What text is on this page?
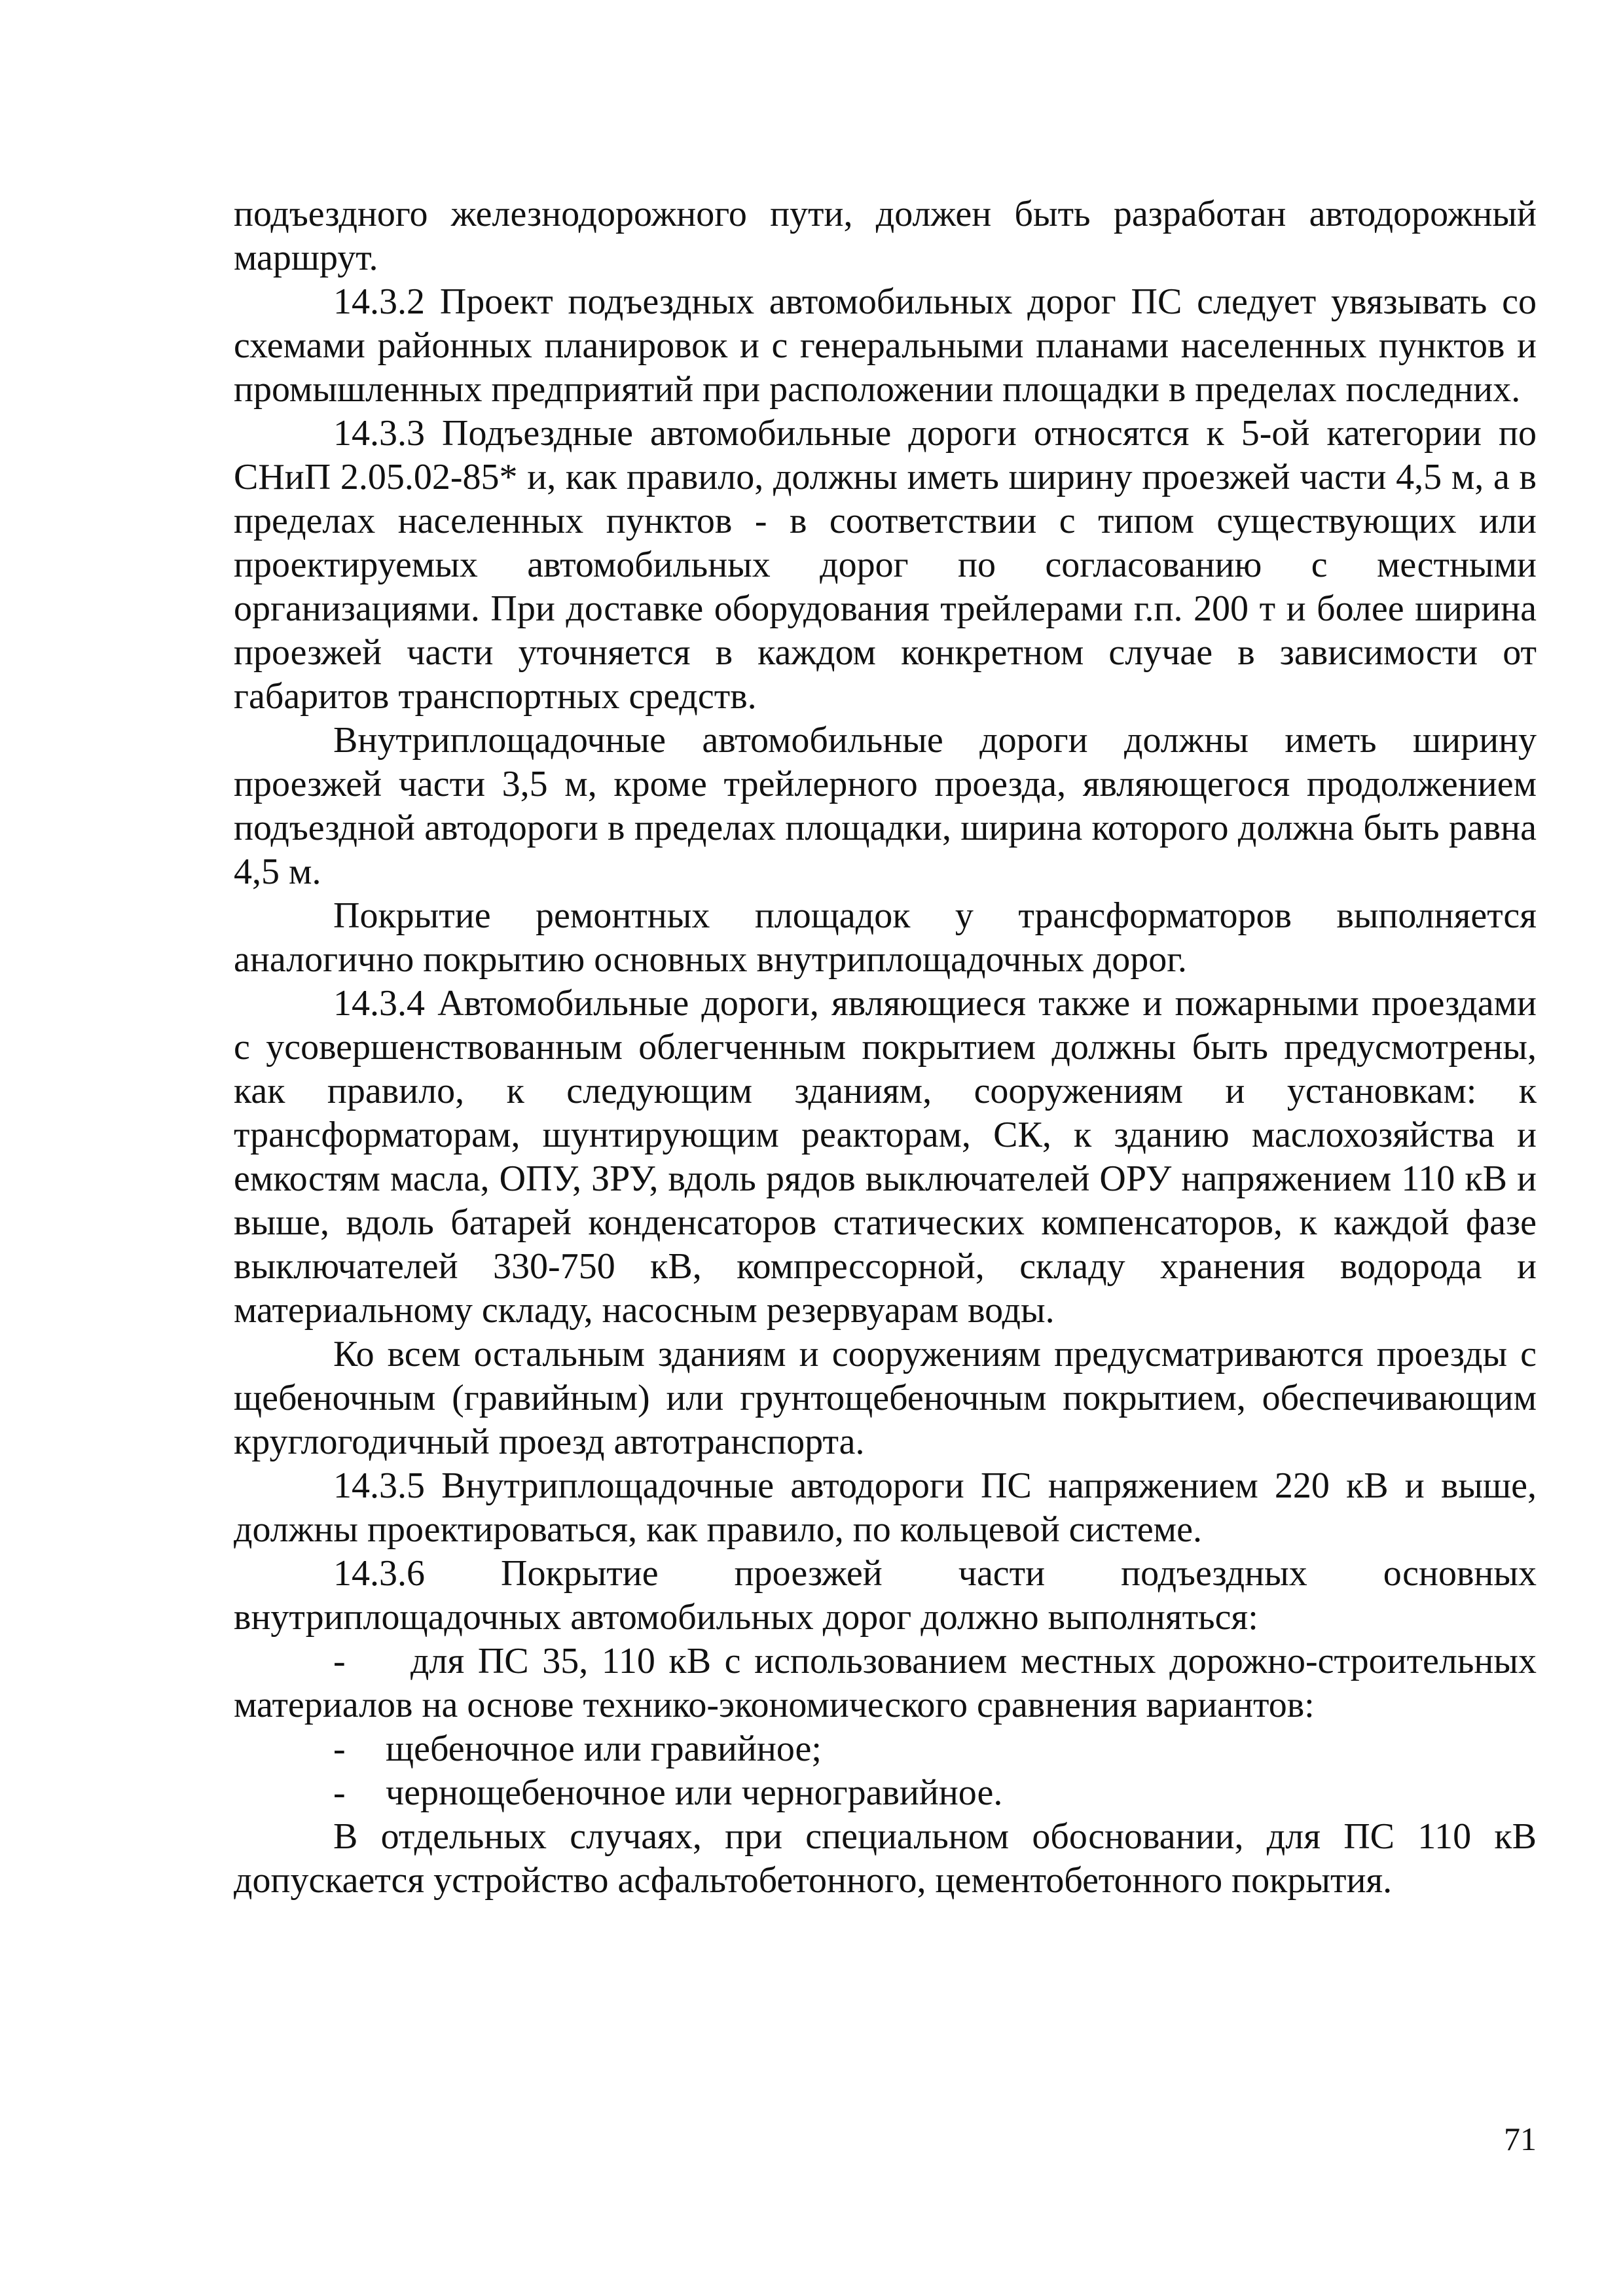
подъездного железнодорожного пути, должен быть разработан автодорожный маршрут.

14.3.2 Проект подъездных автомобильных дорог ПС следует увязывать со схемами районных планировок и с генеральными планами населенных пунктов и промышленных предприятий при расположении площадки в пределах последних.

14.3.3 Подъездные автомобильные дороги относятся к 5-ой категории по СНиП 2.05.02-85* и, как правило, должны иметь ширину проезжей части 4,5 м, а в пределах населенных пунктов - в соответствии с типом существующих или проектируемых автомобильных дорог по согласованию с местными организациями. При доставке оборудования трейлерами г.п. 200 т и более ширина проезжей части уточняется в каждом конкретном случае в зависимости от габаритов транспортных средств.

Внутриплощадочные автомобильные дороги должны иметь ширину проезжей части 3,5 м, кроме трейлерного проезда, являющегося продолжением подъездной автодороги в пределах площадки, ширина которого должна быть равна 4,5 м.

Покрытие ремонтных площадок у трансформаторов выполняется аналогично покрытию основных внутриплощадочных дорог.

14.3.4 Автомобильные дороги, являющиеся также и пожарными проездами с усовершенствованным облегченным покрытием должны быть предусмотрены, как правило, к следующим зданиям, сооружениям и установкам: к трансформаторам, шунтирующим реакторам, СК, к зданию маслохозяйства и емкостям масла, ОПУ, ЗРУ, вдоль рядов выключателей ОРУ напряжением 110 кВ и выше, вдоль батарей конденсаторов статических компенсаторов, к каждой фазе выключателей 330-750 кВ, компрессорной, складу хранения водорода и материальному складу, насосным резервуарам воды.

Ко всем остальным зданиям и сооружениям предусматриваются проезды с щебеночным (гравийным) или грунтощебеночным покрытием, обеспечивающим круглогодичный проезд автотранспорта.

14.3.5 Внутриплощадочные автодороги ПС напряжением 220 кВ и выше, должны проектироваться, как правило, по кольцевой системе.

14.3.6 Покрытие проезжей части подъездных основных внутриплощадочных автомобильных дорог должно выполняться:

- для ПС 35, 110 кВ с использованием местных дорожно-строительных материалов на основе технико-экономического сравнения вариантов:

- щебеночное или гравийное;

- чернощебеночное или черногравийное.

В отдельных случаях, при специальном обосновании, для ПС 110 кВ допускается устройство асфальтобетонного, цементобетонного покрытия.

71
